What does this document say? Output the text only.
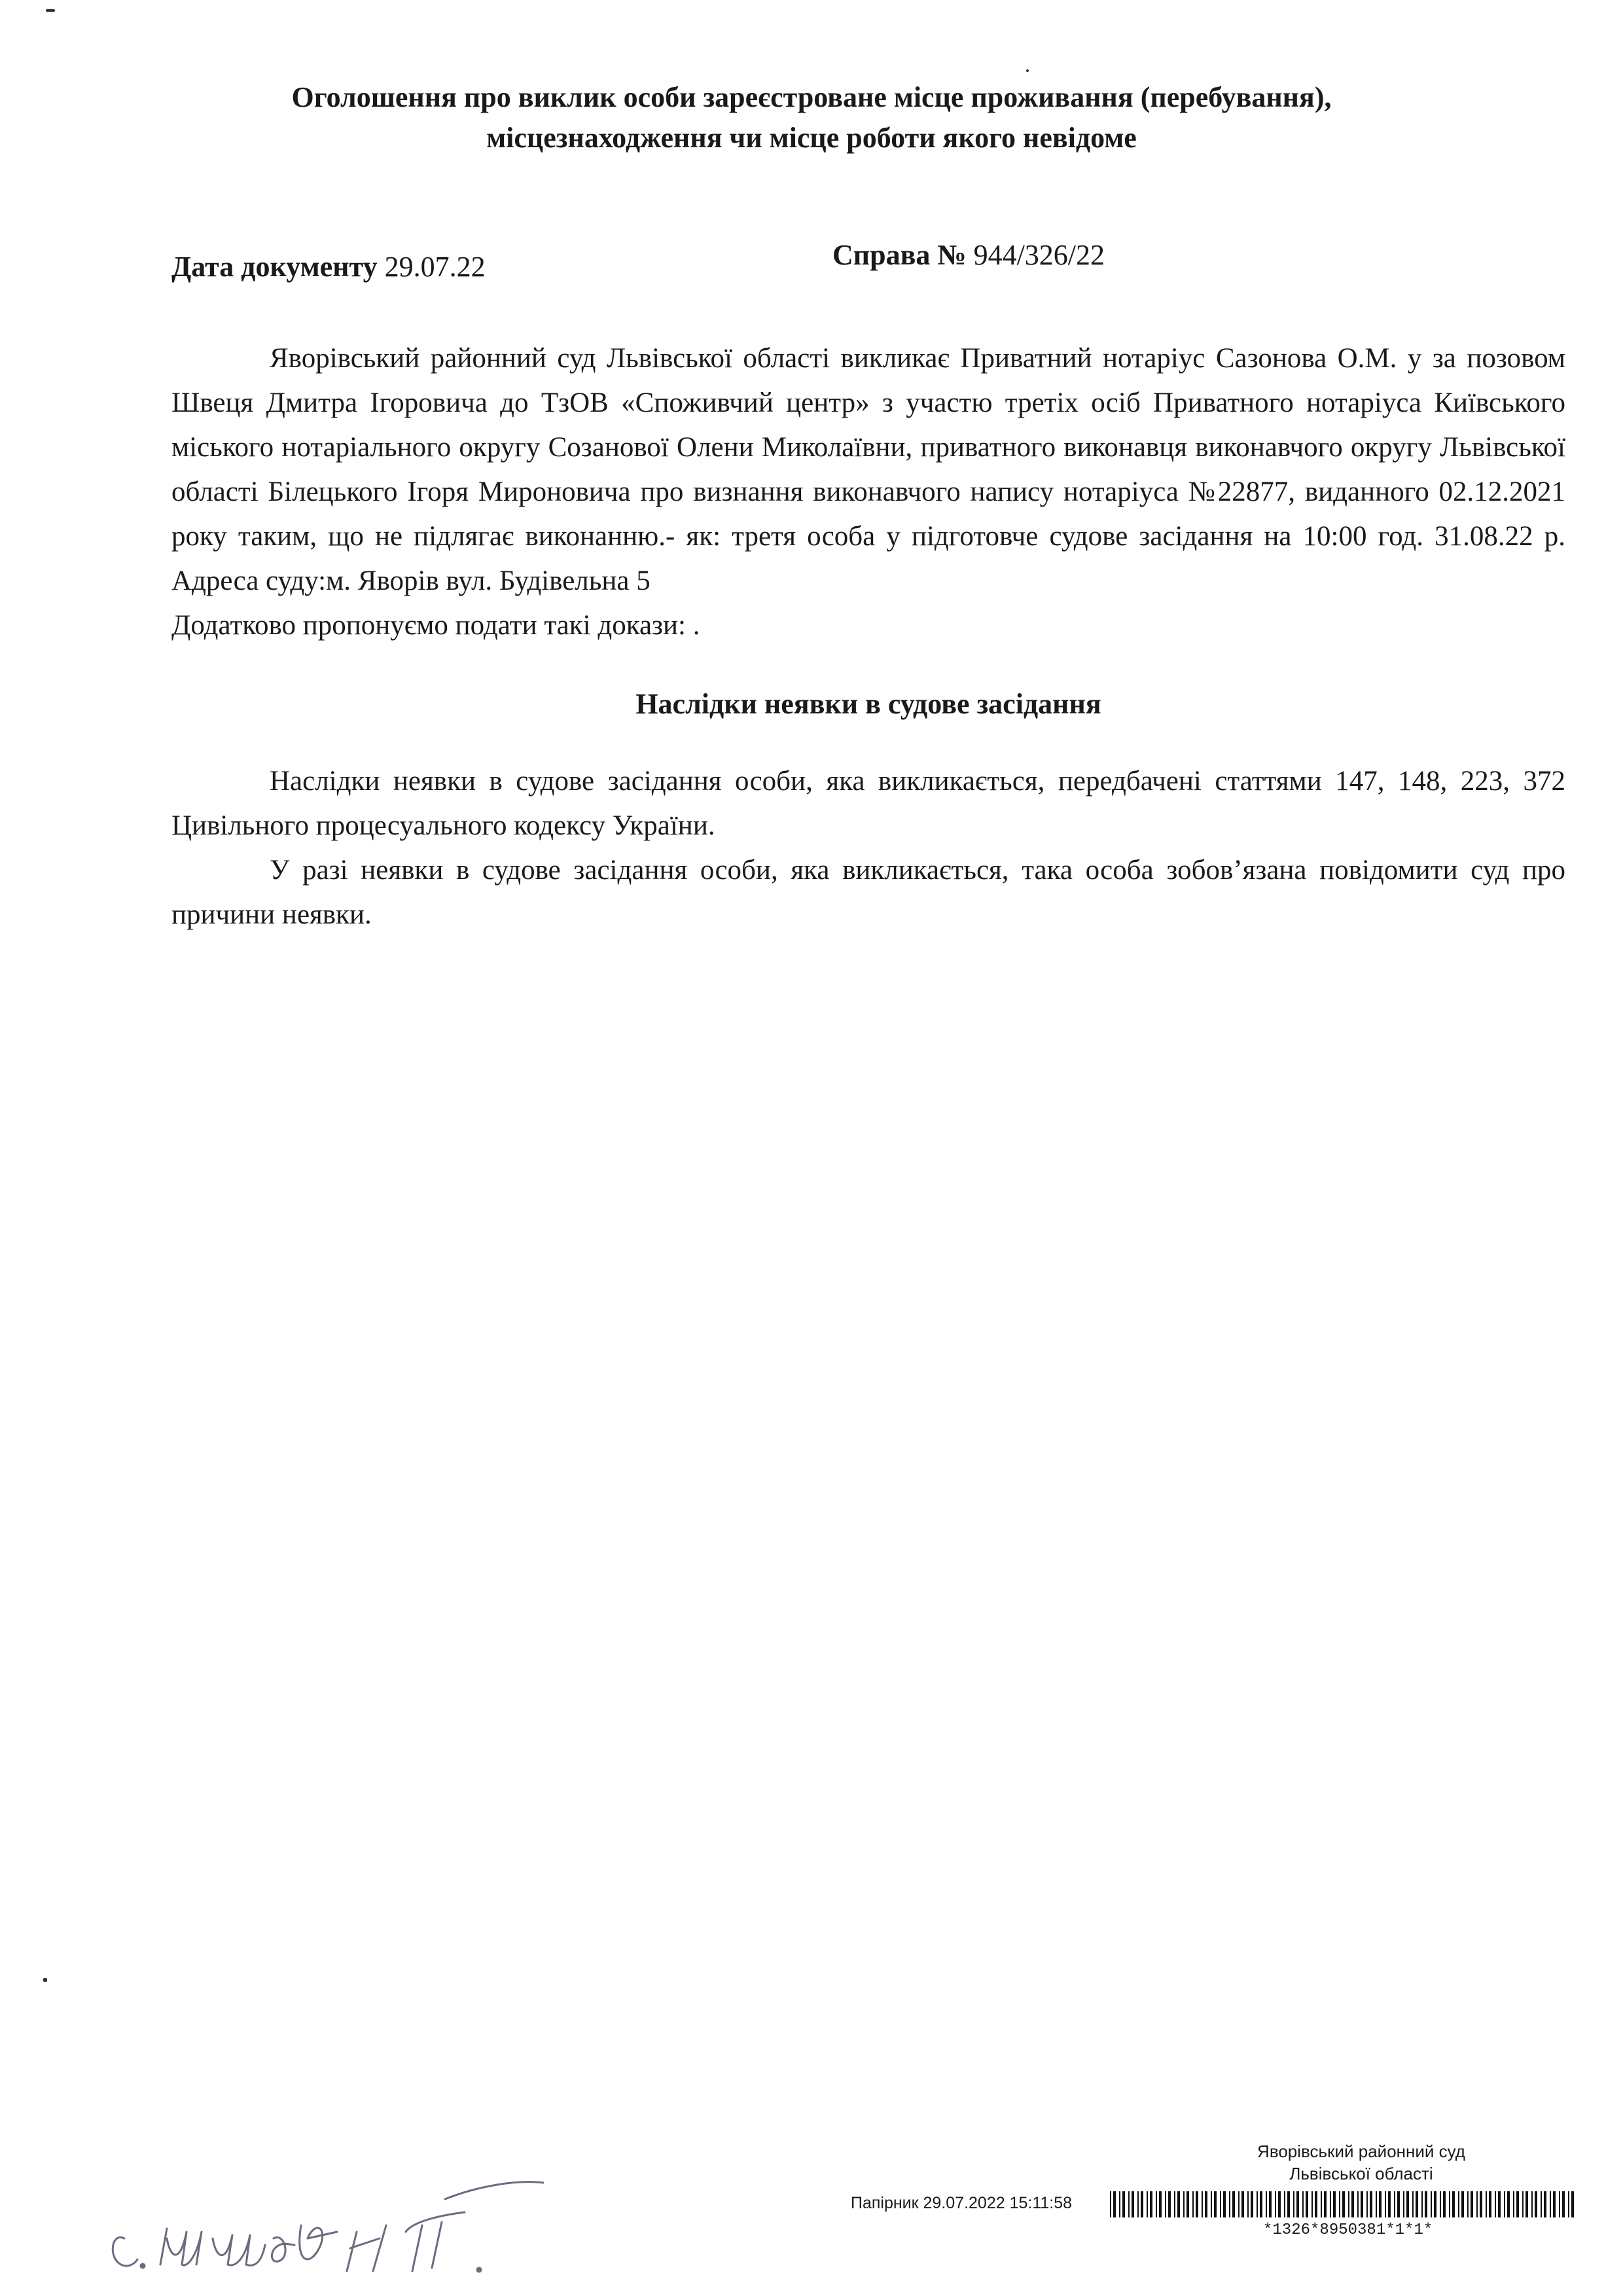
Оголошення про виклик особи зареєстроване місце проживання (перебування),
місцезнаходження чи місце роботи якого невідоме
Дата документу 29.07.22	Справа № 944/326/22

Яворівський районний суд Львівської області викликає Приватний нотаріус Сазонова О.М. у за позовом Швеця Дмитра Ігоровича до ТзОВ «Споживчий центр» з участю третіх осіб Приватного нотаріуса Київського міського нотаріального округу Созанової Олени Миколаївни, приватного виконавця виконавчого округу Львівської області Білецького Ігоря Мироновича про визнання виконавчого напису нотаріуса №22877, виданного 02.12.2021 року таким, що не підлягає виконанню.- як: третя особа у підготовче судове засідання на 10:00 год. 31.08.22 р. Адреса суду:м. Яворів вул. Будівельна 5

Додатково пропонуємо подати такі докази: .

Наслідки неявки в судове засідання

Наслідки неявки в судове засідання особи, яка викликається, передбачені статтями 147, 148, 223, 372 Цивільного процесуального кодексу України.

У разі неявки в судове засідання особи, яка викликається, така особа зобов’язана повідомити суд про причини неявки.

Яворівський районний суд
Львівської області
Папірник 29.07.2022 15:11:58
*1326*8950381*1*1*
